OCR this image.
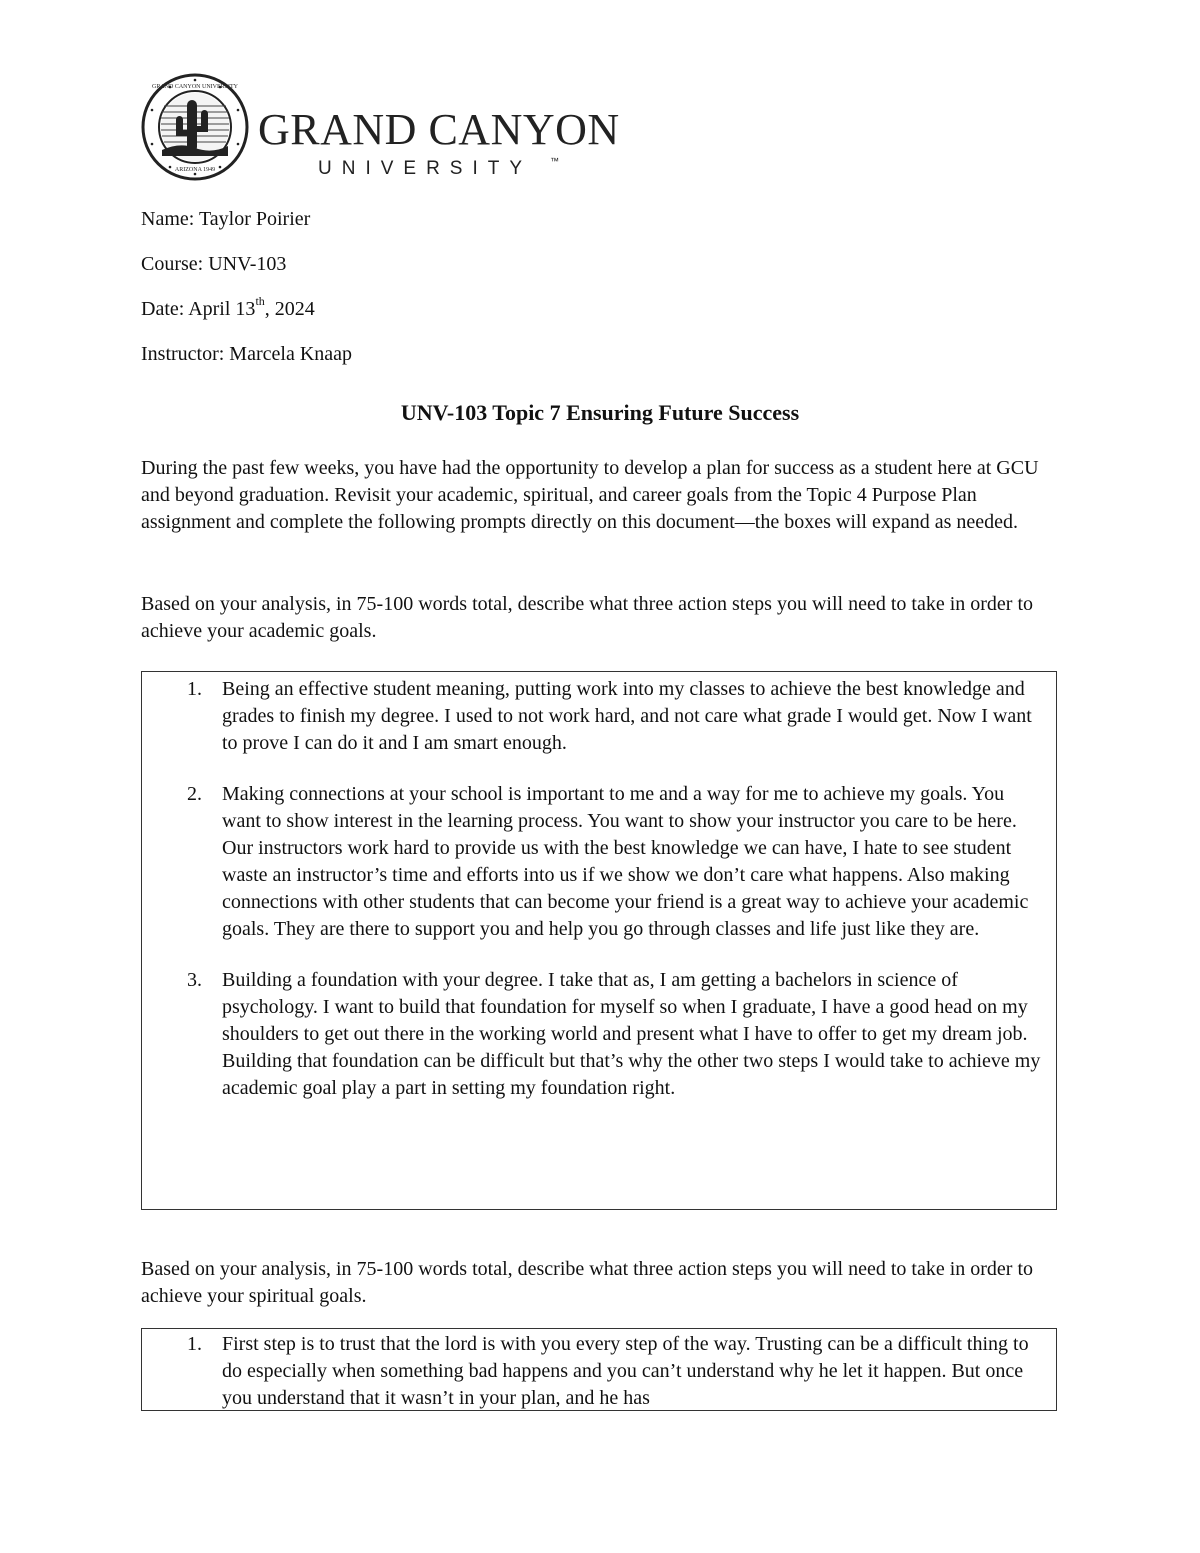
GRAND CANYON UNIVERSITY
ARIZONA 1949
GRAND CANYON
UNIVERSITY ™
Name: Taylor Poirier
Course: UNV-103
Date: April 13th, 2024
Instructor: Marcela Knaap
UNV-103 Topic 7 Ensuring Future Success
During the past few weeks, you have had the opportunity to develop a plan for success as a student here at GCU and beyond graduation. Revisit your academic, spiritual, and career goals from the Topic 4 Purpose Plan assignment and complete the following prompts directly on this document—the boxes will expand as needed.
Based on your analysis, in 75-100 words total, describe what three action steps you will need to take in order to achieve your academic goals.
1. Being an effective student meaning, putting work into my classes to achieve the best knowledge and grades to finish my degree. I used to not work hard, and not care what grade I would get. Now I want to prove I can do it and I am smart enough.
2. Making connections at your school is important to me and a way for me to achieve my goals. You want to show interest in the learning process. You want to show your instructor you care to be here. Our instructors work hard to provide us with the best knowledge we can have, I hate to see student waste an instructor’s time and efforts into us if we show we don’t care what happens. Also making connections with other students that can become your friend is a great way to achieve your academic goals. They are there to support you and help you go through classes and life just like they are.
3. Building a foundation with your degree. I take that as, I am getting a bachelors in science of psychology. I want to build that foundation for myself so when I graduate, I have a good head on my shoulders to get out there in the working world and present what I have to offer to get my dream job. Building that foundation can be difficult but that’s why the other two steps I would take to achieve my academic goal play a part in setting my foundation right.
Based on your analysis, in 75-100 words total, describe what three action steps you will need to take in order to achieve your spiritual goals.
1. First step is to trust that the lord is with you every step of the way. Trusting can be a difficult thing to do especially when something bad happens and you can’t understand why he let it happen. But once you understand that it wasn’t in your plan, and he has
